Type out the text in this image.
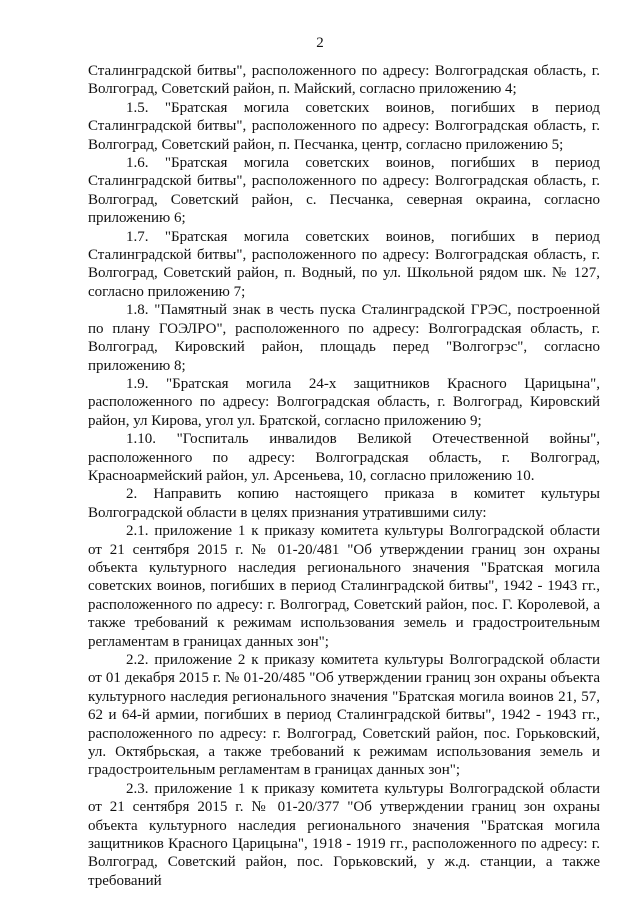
2

Сталинградской битвы", расположенного по адресу: Волгоградская область, г. Волгоград, Советский район, п. Майский, согласно приложению 4;

1.5. "Братская могила советских воинов, погибших в период Сталинградской битвы", расположенного по адресу: Волгоградская область, г. Волгоград, Советский район, п. Песчанка, центр, согласно приложению 5;

1.6. "Братская могила советских воинов, погибших в период Сталинградской битвы", расположенного по адресу: Волгоградская область, г. Волгоград, Советский район, с. Песчанка, северная окраина, согласно приложению 6;

1.7. "Братская могила советских воинов, погибших в период Сталинградской битвы", расположенного по адресу: Волгоградская область, г. Волгоград, Советский район, п. Водный, по ул. Школьной рядом шк. № 127, согласно приложению 7;

1.8. "Памятный знак в честь пуска Сталинградской ГРЭС, построенной по плану ГОЭЛРО", расположенного по адресу: Волгоградская область, г. Волгоград, Кировский район, площадь перед "Волгогрэс", согласно приложению 8;

1.9. "Братская могила 24-х защитников Красного Царицына", расположенного по адресу: Волгоградская область, г. Волгоград, Кировский район, ул Кирова, угол ул. Братской, согласно приложению 9;

1.10. "Госпиталь инвалидов Великой Отечественной войны", расположенного по адресу: Волгоградская область, г. Волгоград, Красноармейский район, ул. Арсеньева, 10, согласно приложению 10.

2. Направить копию настоящего приказа в комитет культуры Волгоградской области в целях признания утратившими силу:

2.1. приложение 1 к приказу комитета культуры Волгоградской области от 21 сентября 2015 г. № 01-20/481 "Об утверждении границ зон охраны объекта культурного наследия регионального значения "Братская могила советских воинов, погибших в период Сталинградской битвы", 1942 - 1943 гг., расположенного по адресу: г. Волгоград, Советский район, пос. Г. Королевой, а также требований к режимам использования земель и градостроительным регламентам в границах данных зон";

2.2. приложение 2 к приказу комитета культуры Волгоградской области от 01 декабря 2015 г. № 01-20/485 "Об утверждении границ зон охраны объекта культурного наследия регионального значения "Братская могила воинов 21, 57, 62 и 64-й армии, погибших в период Сталинградской битвы", 1942 - 1943 гг., расположенного по адресу: г. Волгоград, Советский район, пос. Горьковский, ул. Октябрьская, а также требований к режимам использования земель и градостроительным регламентам в границах данных зон";

2.3. приложение 1 к приказу комитета культуры Волгоградской области от 21 сентября 2015 г. № 01-20/377 "Об утверждении границ зон охраны объекта культурного наследия регионального значения "Братская могила защитников Красного Царицына", 1918 - 1919 гг., расположенного по адресу: г. Волгоград, Советский район, пос. Горьковский, у ж.д. станции, а также требований
